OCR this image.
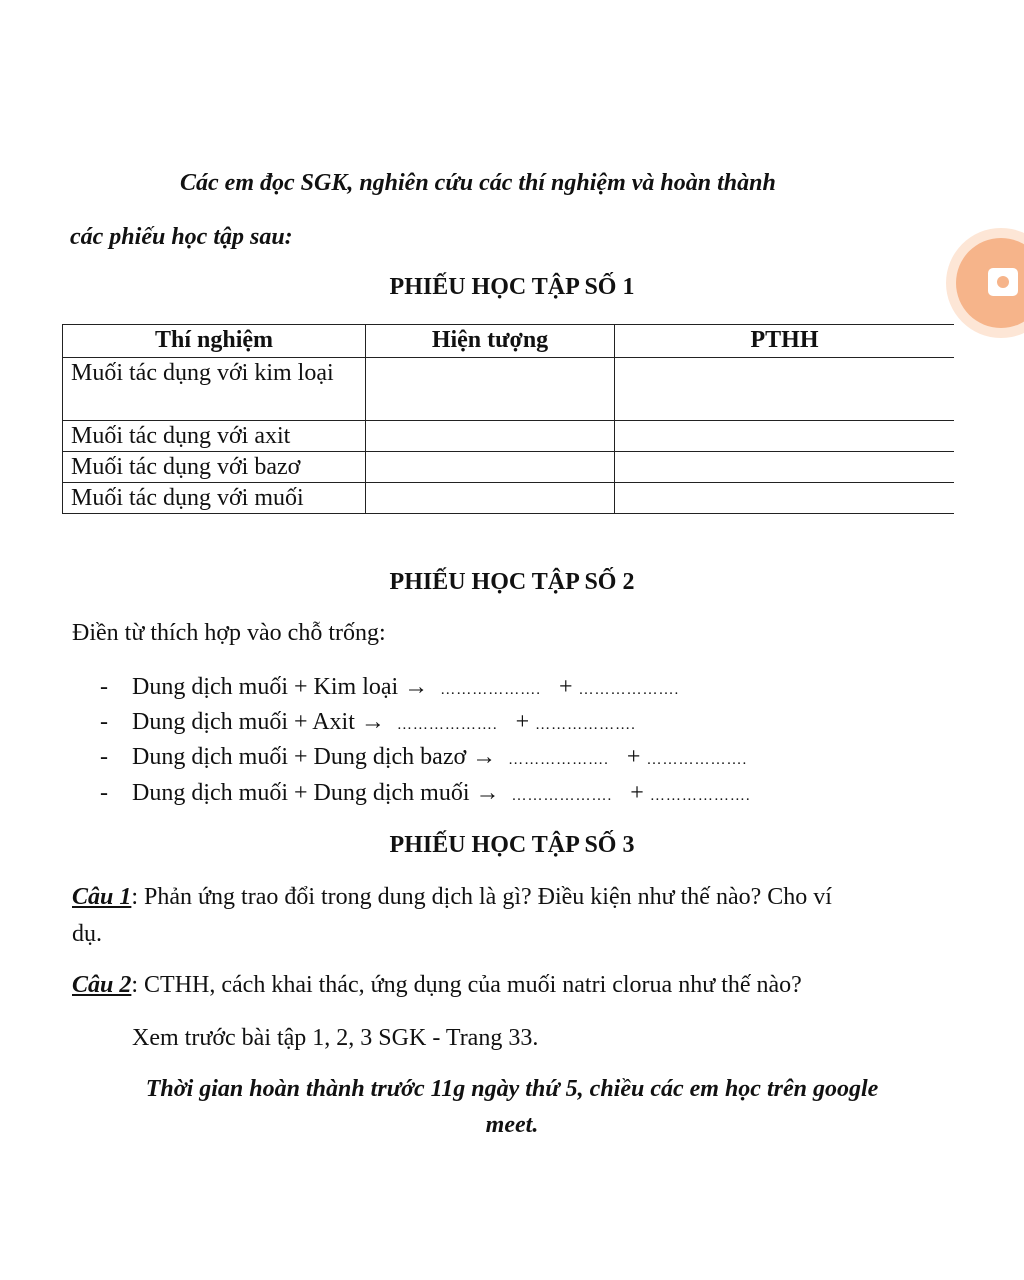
Các em đọc SGK, nghiên cứu các thí nghiệm và hoàn thành
các phiếu học tập sau:
PHIẾU HỌC TẬP SỐ 1
Thí nghiệm	Hiện tượng	PTHH
Muối tác dụng với kim loại		
Muối tác dụng với axit		
Muối tác dụng với bazơ		
Muối tác dụng với muối		
PHIẾU HỌC TẬP SỐ 2
Điền từ thích hợp vào chỗ trống:
- Dung dịch muối + Kim loại → ………………. + ……………….
- Dung dịch muối + Axit → ………………. + ……………….
- Dung dịch muối + Dung dịch bazơ → ………………. + ……………….
- Dung dịch muối + Dung dịch muối → ………………. + ……………….
PHIẾU HỌC TẬP SỐ 3
Câu 1: Phản ứng trao đổi trong dung dịch là gì? Điều kiện như thế nào? Cho ví
dụ.
Câu 2: CTHH, cách khai thác, ứng dụng của muối natri clorua như thế nào?
Xem trước bài tập 1, 2, 3 SGK - Trang 33.
Thời gian hoàn thành trước 11g ngày thứ 5, chiều các em học trên google
meet.
